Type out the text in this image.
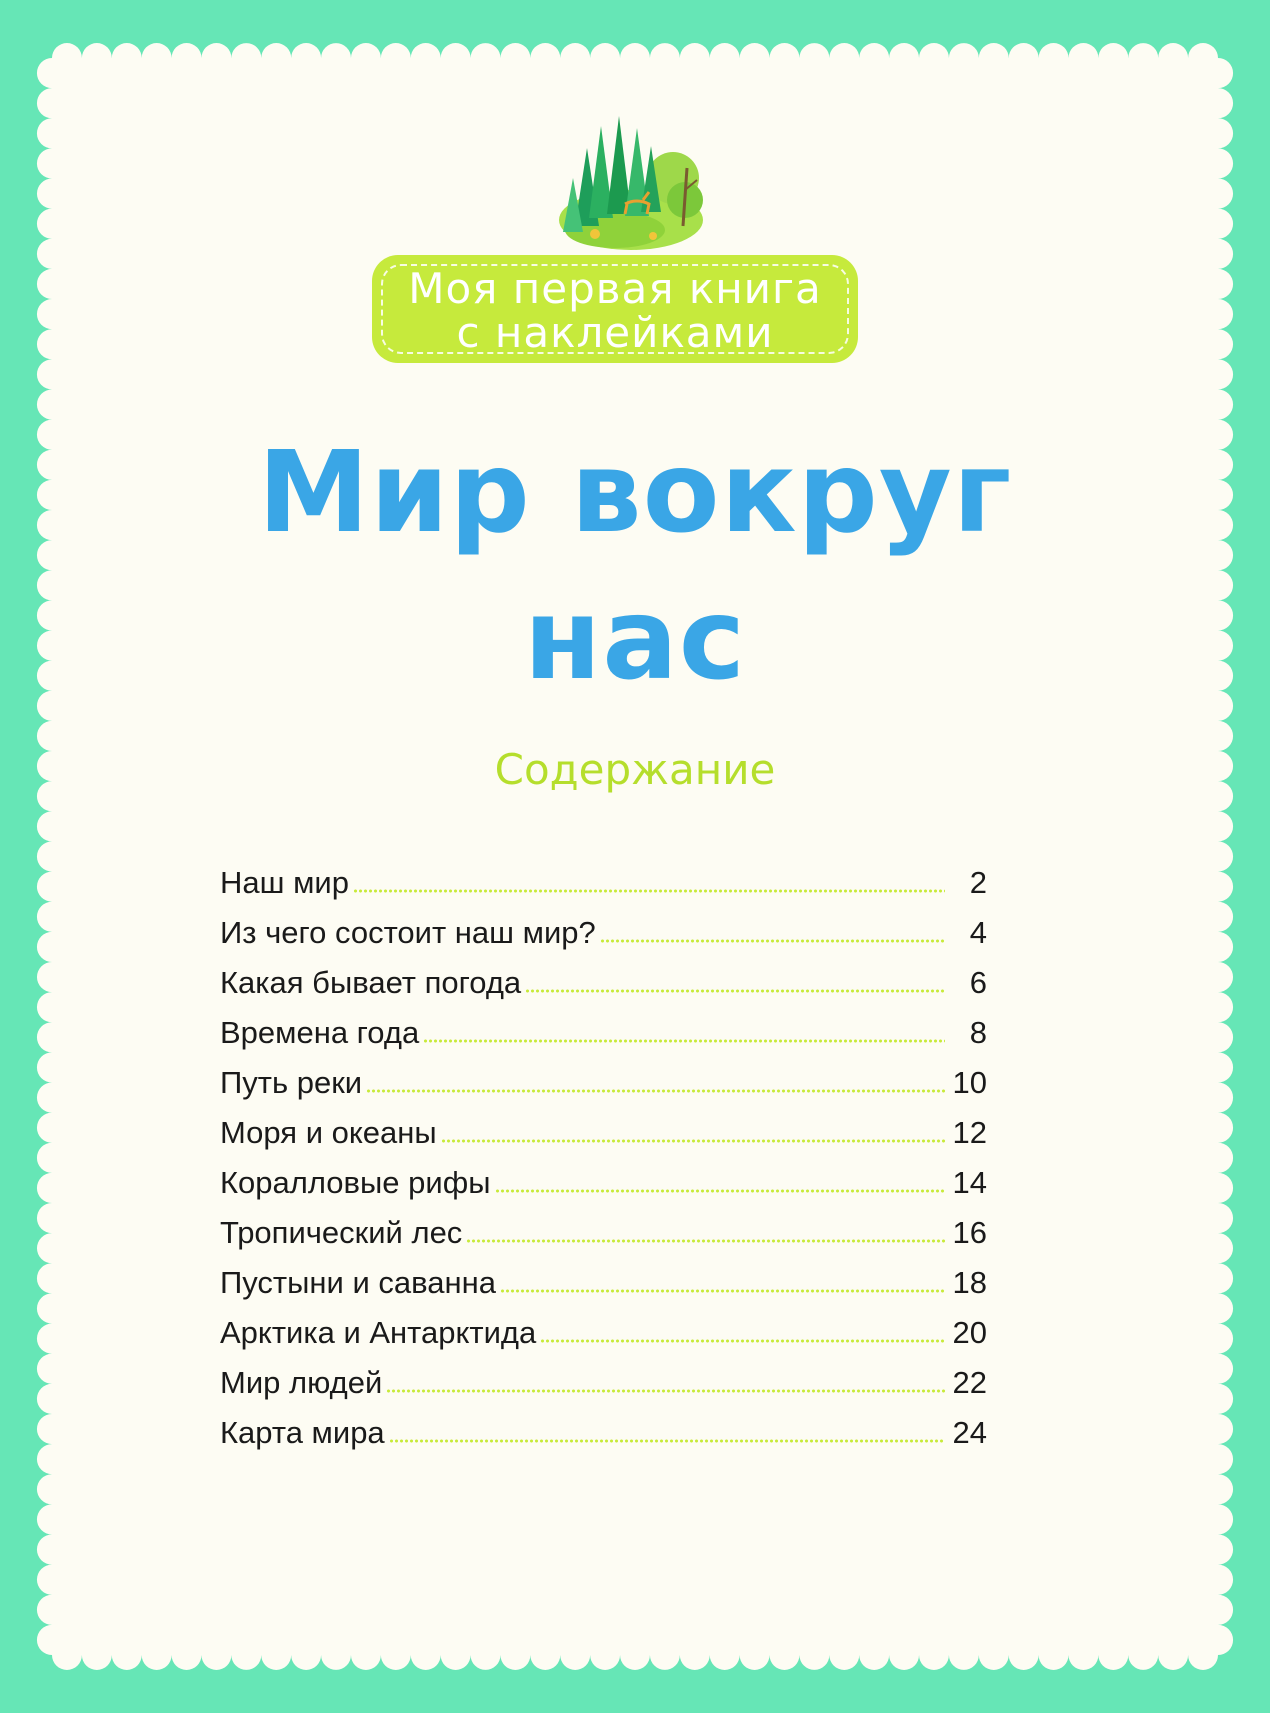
Моя первая книга
с наклейками
Мир вокруг
нас
Содержание
Наш мир	2
Из чего состоит наш мир?	4
Какая бывает погода	6
Времена года	8
Путь реки	10
Моря и океаны	12
Коралловые рифы	14
Тропический лес	16
Пустыни и саванна	18
Арктика и Антарктида	20
Мир людей	22
Карта мира	24
